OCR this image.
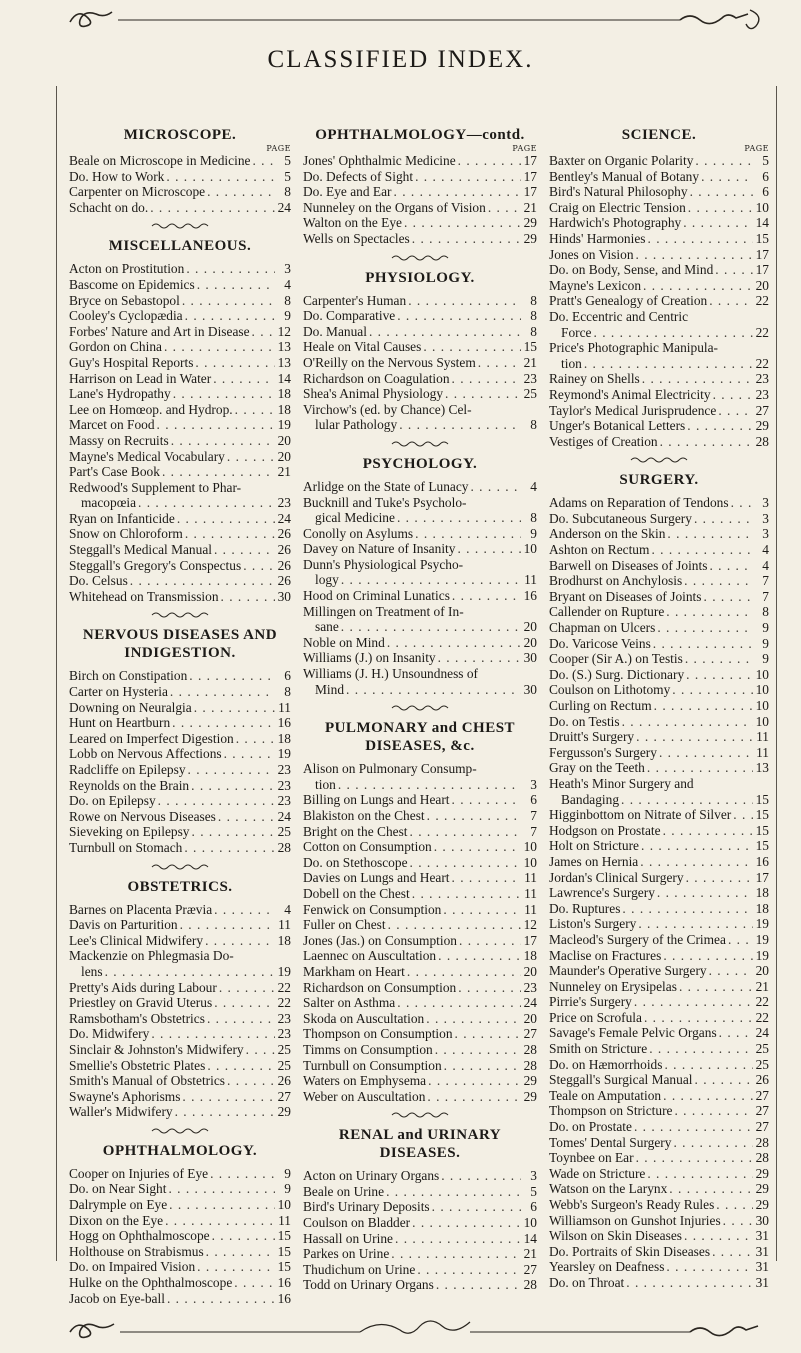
CLASSIFIED INDEX.
MICROSCOPE.
PAGE
Beale on Microscope in Medicine . . .	5
Do. How to Work . . .	5
Carpenter on Microscope . . .	8
Schacht on do. . . .	24
MISCELLANEOUS.
Acton on Prostitution . . .	3
Bascome on Epidemics . . .	4
Bryce on Sebastopol . . .	8
Cooley's Cyclopædia . . .	9
Forbes' Nature and Art in Disease . . . 12
Gordon on China . . .	13
Guy's Hospital Reports . . .	13
Harrison on Lead in Water . . .	14
Lane's Hydropathy . . .	18
Lee on Homœop. and Hydrop. . . .	18
Marcet on Food . . .	19
Massy on Recruits . . .	20
Mayne's Medical Vocabulary . . .	20
Part's Case Book . . .	21
Redwood's Supplement to Phar-
macopœia . . .	23
Ryan on Infanticide . . .	24
Snow on Chloroform . . .	26
Steggall's Medical Manual . . .	26
Steggall's Gregory's Conspectus . . .	26
Do. Celsus . . .	26
Whitehead on Transmission . . .	30
NERVOUS DISEASES AND INDIGESTION.
Birch on Constipation . . .	6
Carter on Hysteria . . .	8
Downing on Neuralgia . . .	11
Hunt on Heartburn . . .	16
Leared on Imperfect Digestion . . .	18
Lobb on Nervous Affections . . .	19
Radcliffe on Epilepsy . . .	23
Reynolds on the Brain . . .	23
Do. on Epilepsy . . .	23
Rowe on Nervous Diseases . . .	24
Sieveking on Epilepsy . . .	25
Turnbull on Stomach . . .	28
OBSTETRICS.
Barnes on Placenta Prævia . . .	4
Davis on Parturition . . .	11
Lee's Clinical Midwifery . . .	18
Mackenzie on Phlegmasia Do-
lens . . .	19
Pretty's Aids during Labour . . .	22
Priestley on Gravid Uterus . . .	22
Ramsbotham's Obstetrics . . .	23
Do. Midwifery . . .	23
Sinclair & Johnston's Midwifery . . .	25
Smellie's Obstetric Plates . . .	25
Smith's Manual of Obstetrics . . .	26
Swayne's Aphorisms . . .	27
Waller's Midwifery . . .	29
OPHTHALMOLOGY.
Cooper on Injuries of Eye . . .	9
Do. on Near Sight . . .	9
Dalrymple on Eye . . .	10
Dixon on the Eye . . .	11
Hogg on Ophthalmoscope . . .	15
Holthouse on Strabismus . . .	15
Do. on Impaired Vision . . .	15
Hulke on the Ophthalmoscope . . .	16
Jacob on Eye-ball . . .	16
OPHTHALMOLOGY—contd.
PAGE
Jones' Ophthalmic Medicine . . .	17
Do. Defects of Sight . . .	17
Do. Eye and Ear . . .	17
Nunneley on the Organs of Vision . . .	21
Walton on the Eye . . .	29
Wells on Spectacles . . .	29
PHYSIOLOGY.
Carpenter's Human . . .	8
Do. Comparative . . .	8
Do. Manual . . .	8
Heale on Vital Causes . . .	15
O'Reilly on the Nervous System . . .	21
Richardson on Coagulation . . .	23
Shea's Animal Physiology . . .	25
Virchow's (ed. by Chance) Cel-
lular Pathology . . .	8
PSYCHOLOGY.
Arlidge on the State of Lunacy . . .	4
Bucknill and Tuke's Psycholo-
gical Medicine . . .	8
Conolly on Asylums . . .	9
Davey on Nature of Insanity . . .	10
Dunn's Physiological Psycho-
logy . . .	11
Hood on Criminal Lunatics . . .	16
Millingen on Treatment of In-
sane . . .	20
Noble on Mind . . .	20
Williams (J.) on Insanity . . .	30
Williams (J. H.) Unsoundness of
Mind . . .	30
PULMONARY and CHEST DISEASES, &c.
Alison on Pulmonary Consump-
tion . . .	3
Billing on Lungs and Heart . . .	6
Blakiston on the Chest . . .	7
Bright on the Chest . . .	7
Cotton on Consumption . . .	10
Do. on Stethoscope . . .	10
Davies on Lungs and Heart . . .	11
Dobell on the Chest . . .	11
Fenwick on Consumption . . .	11
Fuller on Chest . . .	12
Jones (Jas.) on Consumption . . .	17
Laennec on Auscultation . . .	18
Markham on Heart . . .	20
Richardson on Consumption . . .	23
Salter on Asthma . . .	24
Skoda on Auscultation . . .	20
Thompson on Consumption . . .	27
Timms on Consumption . . .	28
Turnbull on Consumption . . .	28
Waters on Emphysema . . .	29
Weber on Auscultation . . .	29
RENAL and URINARY DISEASES.
Acton on Urinary Organs . . .	3
Beale on Urine . . .	5
Bird's Urinary Deposits . . .	6
Coulson on Bladder . . .	10
Hassall on Urine . . .	14
Parkes on Urine . . .	21
Thudichum on Urine . . .	27
Todd on Urinary Organs . . .	28
SCIENCE.
PAGE
Baxter on Organic Polarity . . .	5
Bentley's Manual of Botany . . .	6
Bird's Natural Philosophy . . .	6
Craig on Electric Tension . . .	10
Hardwich's Photography . . .	14
Hinds' Harmonies . . .	15
Jones on Vision . . .	17
Do. on Body, Sense, and Mind . . .	17
Mayne's Lexicon . . .	20
Pratt's Genealogy of Creation . . .	22
Do. Eccentric and Centric
Force . . .	22
Price's Photographic Manipula-
tion . . .	22
Rainey on Shells . . .	23
Reymond's Animal Electricity . . .	23
Taylor's Medical Jurisprudence . . .	27
Unger's Botanical Letters . . .	29
Vestiges of Creation . . .	28
SURGERY.
Adams on Reparation of Tendons . . .	3
Do. Subcutaneous Surgery . . .	3
Anderson on the Skin . . .	3
Ashton on Rectum . . .	4
Barwell on Diseases of Joints . . .	4
Brodhurst on Anchylosis . . .	7
Bryant on Diseases of Joints . . .	7
Callender on Rupture . . .	8
Chapman on Ulcers . . .	9
Do. Varicose Veins . . .	9
Cooper (Sir A.) on Testis . . .	9
Do. (S.) Surg. Dictionary . . .	10
Coulson on Lithotomy . . .	10
Curling on Rectum . . .	10
Do. on Testis . . .	10
Druitt's Surgery . . .	11
Fergusson's Surgery . . .	11
Gray on the Teeth . . .	13
Heath's Minor Surgery and
Bandaging . . .	15
Higginbottom on Nitrate of Silver . . . 15
Hodgson on Prostate . . .	15
Holt on Stricture . . .	15
James on Hernia . . .	16
Jordan's Clinical Surgery . . .	17
Lawrence's Surgery . . .	18
Do. Ruptures . . .	18
Liston's Surgery . . .	19
Macleod's Surgery of the Crimea . . . 19
Maclise on Fractures . . .	19
Maunder's Operative Surgery . . .	20
Nunneley on Erysipelas . . .	21
Pirrie's Surgery . . .	22
Price on Scrofula . . .	22
Savage's Female Pelvic Organs . . .	24
Smith on Stricture . . .	25
Do. on Hæmorrhoids . . .	25
Steggall's Surgical Manual . . .	26
Teale on Amputation . . .	27
Thompson on Stricture . . .	27
Do. on Prostate . . .	27
Tomes' Dental Surgery . . .	28
Toynbee on Ear . . .	28
Wade on Stricture . . .	29
Watson on the Larynx . . .	29
Webb's Surgeon's Ready Rules . . .	29
Williamson on Gunshot Injuries . . .	30
Wilson on Skin Diseases . . .	31
Do. Portraits of Skin Diseases . . .	31
Yearsley on Deafness . . .	31
Do. on Throat . . .	31
